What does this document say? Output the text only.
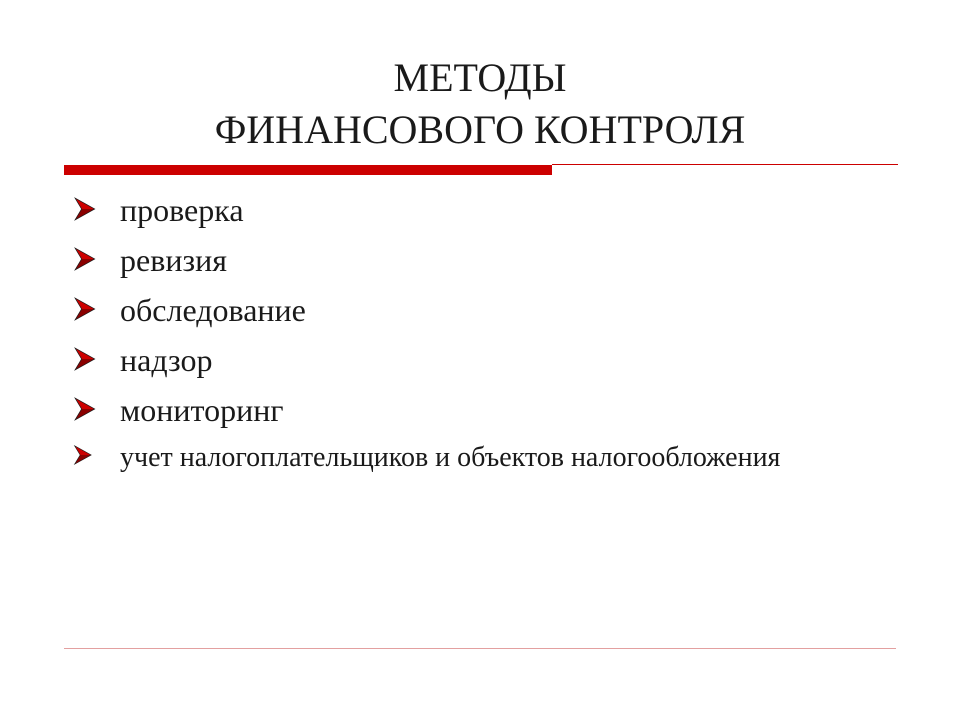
МЕТОДЫ
ФИНАНСОВОГО КОНТРОЛЯ
проверка
ревизия
обследование
надзор
мониторинг
учет налогоплательщиков и объектов налогообложения
